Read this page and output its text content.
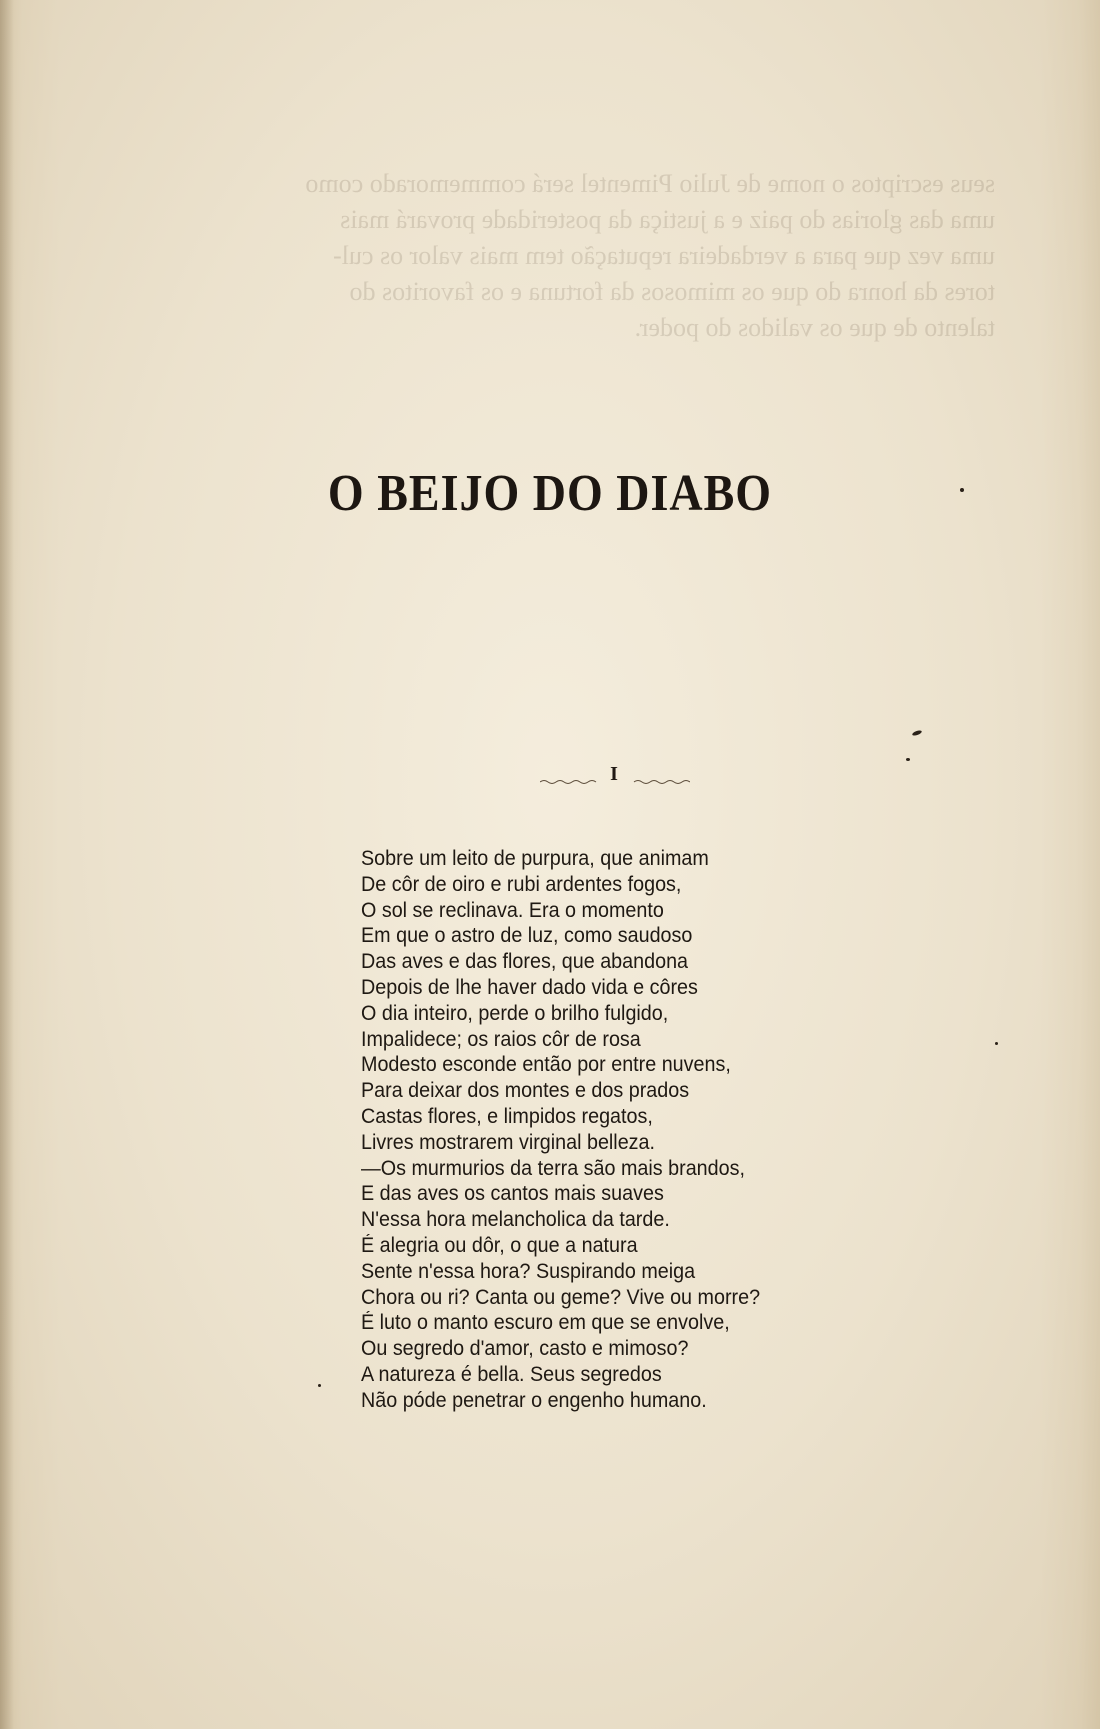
seus escriptos o nome de Julio Pimentel será commemorado como
uma das glorias do paiz e a justiça da posteridade provará mais
uma vez que para a verdadeira reputação tem mais valor os cul-
tores da honra do que os mimosos da fortuna e os favoritos do
talento de que os validos do poder.
O BEIJO DO DIABO
I
Sobre um leito de purpura, que animam
De côr de oiro e rubi ardentes fogos,
O sol se reclinava. Era o momento
Em que o astro de luz, como saudoso
Das aves e das flores, que abandona
Depois de lhe haver dado vida e côres
O dia inteiro, perde o brilho fulgido,
Impalidece; os raios côr de rosa
Modesto esconde então por entre nuvens,
Para deixar dos montes e dos prados
Castas flores, e limpidos regatos,
Livres mostrarem virginal belleza.
—Os murmurios da terra são mais brandos,
E das aves os cantos mais suaves
N'essa hora melancholica da tarde.
É alegria ou dôr, o que a natura
Sente n'essa hora? Suspirando meiga
Chora ou ri? Canta ou geme? Vive ou morre?
É luto o manto escuro em que se envolve,
Ou segredo d'amor, casto e mimoso?
A natureza é bella. Seus segredos
Não póde penetrar o engenho humano.
